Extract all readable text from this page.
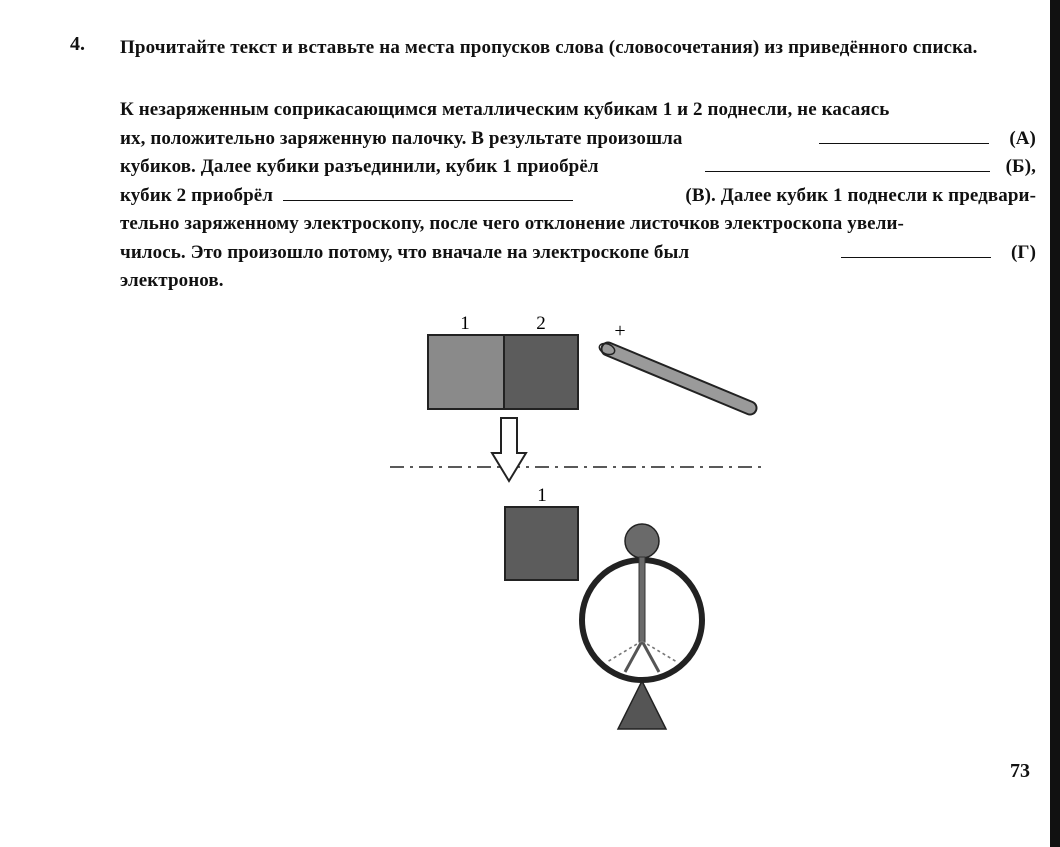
4. Прочитайте текст и вставьте на места пропусков слова (словосочетания) из приведённого списка.
К незаряженным соприкасающимся металлическим кубикам 1 и 2 поднесли, не касаясь
их, положительно заряженную палочку. В результате произошла	(А)
кубиков. Далее кубики разъединили, кубик 1 приобрёл	(Б),
кубик 2 приобрёл	(В). Далее кубик 1 поднесли к предвари-
тельно заряженному электроскопу, после чего отклонение листочков электроскопа увели-
чилось. Это произошло потому, что вначале на электроскопе был	(Г)
электронов.
1	2	+
1
73
